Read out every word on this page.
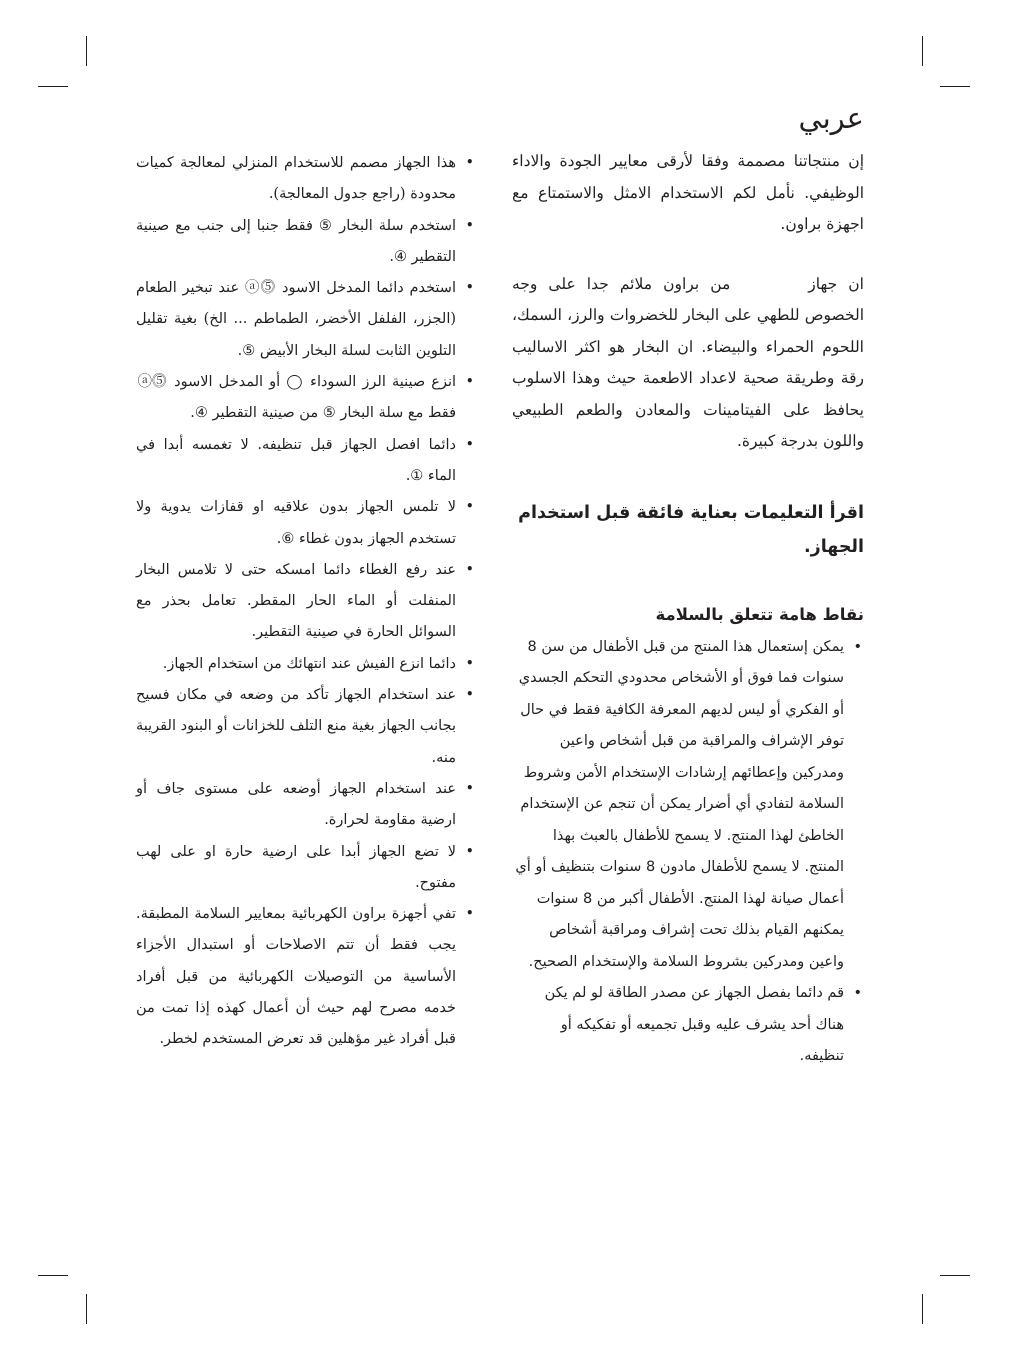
عربي

إن منتجاتنا مصممة وفقا لأرقى معايير الجودة والاداء الوظيفي. نأمل لكم الاستخدام الامثل والاستمتاع مع اجهزة براون.

ان جهازمن براون ملائم جدا على وجه الخصوص للطهي على البخار للخضروات والرز، السمك، اللحوم الحمراء والبيضاء. ان البخار هو اكثر الاساليب رقة وطريقة صحية لاعداد الاطعمة حيث وهذا الاسلوب يحافظ على الفيتامينات والمعادن والطعم الطبيعي واللون بدرجة كبيرة.

اقرأ التعليمات بعناية فائقة قبل استخدام الجهاز.
نقاط هامة تتعلق بالسلامة
• يمكن إستعمال هذا المنتج من قبل الأطفال من سن 8 سنوات فما فوق أو الأشخاص محدودي التحكم الجسدي أو الفكري أو ليس لديهم المعرفة الكافية فقط في حال توفر الإشراف والمراقبة من قبل أشخاص واعين ومدركين وإعطائهم إرشادات الإستخدام الأمن وشروط السلامة لتفادي أي أضرار يمكن أن تنجم عن الإستخدام الخاطئ لهذا المنتج. لا يسمح للأطفال بالعبث بهذا المنتج. لا يسمح للأطفال مادون 8 سنوات بتنظيف أو أي أعمال صيانة لهذا المنتج. الأطفال أكبر من 8 سنوات يمكنهم القيام بذلك تحت إشراف ومراقبة أشخاص واعين ومدركين بشروط السلامة والإستخدام الصحيح.
• قم دائما بفصل الجهاز عن مصدر الطاقة لو لم يكن هناك أحد يشرف عليه وقبل تجميعه أو تفكيكه أو تنظيفه.
• هذا الجهاز مصمم للاستخدام المنزلي لمعالجة كميات محدودة (راجع جدول المعالجة).
• استخدم سلة البخار ⑤ فقط جنبا إلى جنب مع صينية التقطير ④.
• استخدم دائما المدخل الاسود ⓹ⓐ عند تبخير الطعام (الجزر، الفلفل الأخضر، الطماطم ... الخ) بغية تقليل التلوين الثابت لسلة البخار الأبيض ⑤.
• انزع صينية الرز السوداء ◯ أو المدخل الاسود ⓹ⓐ فقط مع سلة البخار ⑤ من صينية التقطير ④.
• دائما افصل الجهاز قبل تنظيفه. لا تغمسه أبدا في الماء ①.
• لا تلمس الجهاز بدون علاقيه او قفازات يدوية ولا تستخدم الجهاز بدون غطاء ⑥.
• عند رفع الغطاء دائما امسكه حتى لا تلامس البخار المنفلت أو الماء الحار المقطر. تعامل بحذر مع السوائل الحارة في صينية التقطير.
• دائما انزع الفيش عند انتهائك من استخدام الجهاز.
• عند استخدام الجهاز تأكد من وضعه في مكان فسيح بجانب الجهاز بغية منع التلف للخزانات أو البنود القريبة منه.
• عند استخدام الجهاز أوضعه على مستوى جاف أو ارضية مقاومة لحرارة.
• لا تضع الجهاز أبدا على ارضية حارة او على لهب مفتوح.
• تفي أجهزة براون الكهربائية بمعايير السلامة المطبقة. يجب فقط أن تتم الاصلاحات أو استبدال الأجزاء الأساسية من التوصيلات الكهربائية من قبل أفراد خدمه مصرح لهم حيث أن أعمال كهذه إذا تمت من قبل أفراد غير مؤهلين قد تعرض المستخدم لخطر.
